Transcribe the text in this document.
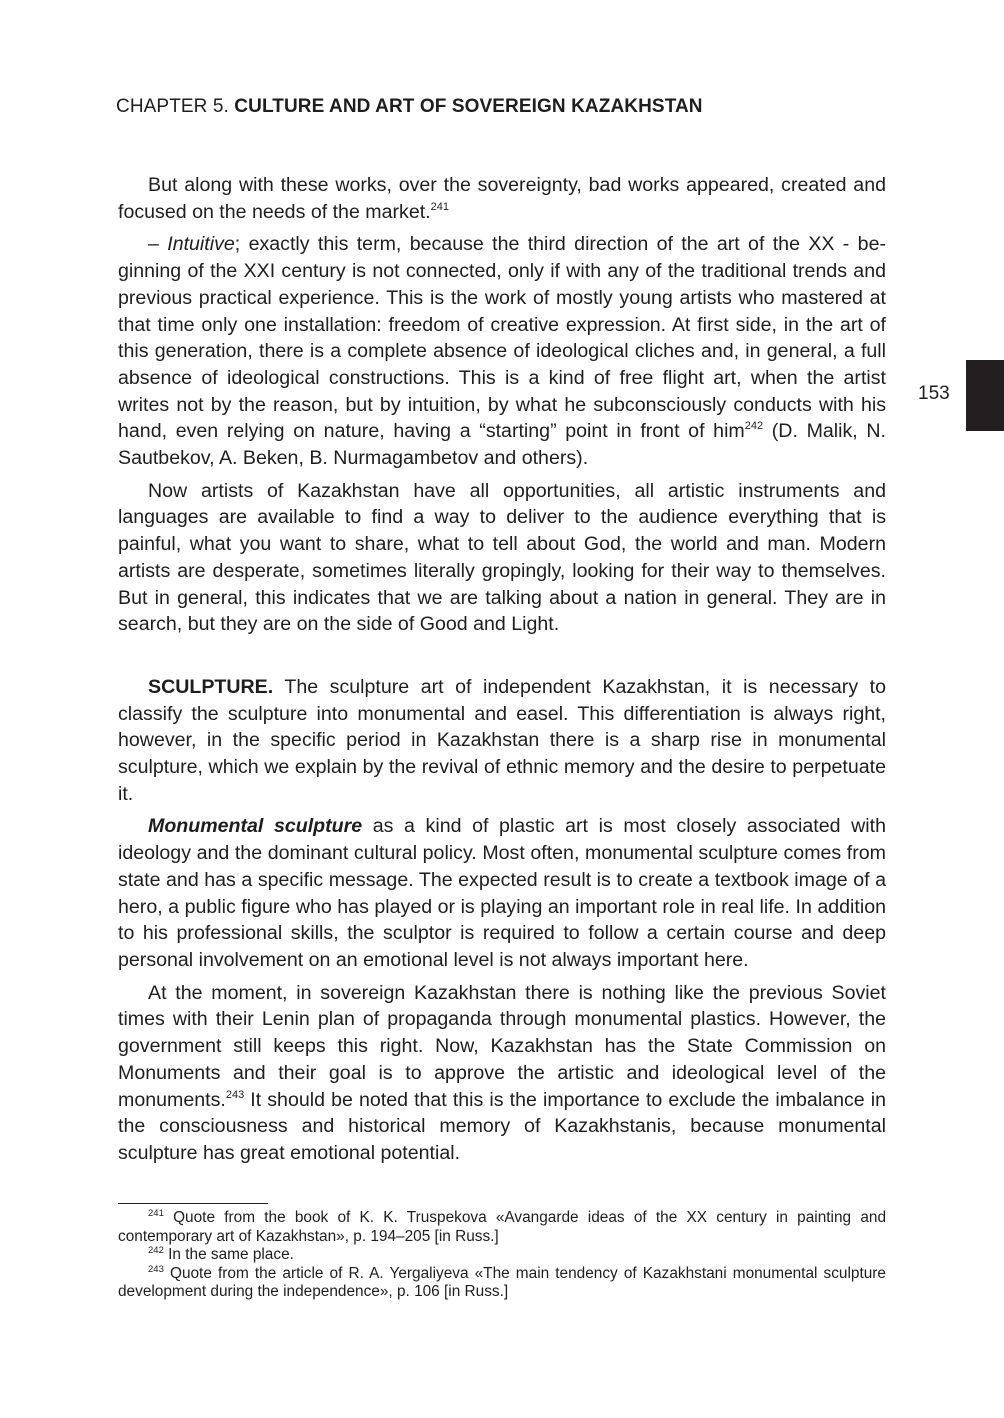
CHAPTER 5. CULTURE AND ART OF SOVEREIGN KAZAKHSTAN
153

But along with these works, over the sovereignty, bad works appeared, created and focused on the needs of the market.$^{241}$

– Intuitive; exactly this term, because the third direction of the art of the XX - beginning of the XXI century is not connected, only if with any of the traditional trends and previous practical experience. This is the work of mostly young artists who mastered at that time only one installation: freedom of creative expression. At first side, in the art of this generation, there is a complete absence of ideological cliches and, in general, a full absence of ideological constructions. This is a kind of free flight art, when the artist writes not by the reason, but by intuition, by what he subconsciously conducts with his hand, even relying on nature, having a “starting” point in front of him$^{242}$ (D. Malik, N. Sautbekov, A. Beken, B. Nurmagambetov and others).

Now artists of Kazakhstan have all opportunities, all artistic instruments and languages are available to find a way to deliver to the audience everything that is painful, what you want to share, what to tell about God, the world and man. Modern artists are desperate, sometimes literally gropingly, looking for their way to themselves. But in general, this indicates that we are talking about a nation in general. They are in search, but they are on the side of Good and Light.

SCULPTURE. The sculpture art of independent Kazakhstan, it is necessary to classify the sculpture into monumental and easel. This differentiation is always right, however, in the specific period in Kazakhstan there is a sharp rise in monumental sculpture, which we explain by the revival of ethnic memory and the desire to perpetuate it.

Monumental sculpture as a kind of plastic art is most closely associated with ideology and the dominant cultural policy. Most often, monumental sculpture comes from state and has a specific message. The expected result is to create a textbook image of a hero, a public figure who has played or is playing an important role in real life. In addition to his professional skills, the sculptor is required to follow a certain course and deep personal involvement on an emotional level is not always important here.

At the moment, in sovereign Kazakhstan there is nothing like the previous Soviet times with their Lenin plan of propaganda through monumental plastics. However, the government still keeps this right. Now, Kazakhstan has the State Commission on Monuments and their goal is to approve the artistic and ideological level of the monuments.$^{243}$ It should be noted that this is the importance to exclude the imbalance in the consciousness and historical memory of Kazakhstanis, because monumental sculpture has great emotional potential.

$^{241}$ Quote from the book of K. K. Truspekova «Avangarde ideas of the XX century in painting and contemporary art of Kazakhstan», p. 194–205 [in Russ.]

$^{242}$ In the same place.

$^{243}$ Quote from the article of R. A. Yergaliyeva «The main tendency of Kazakhstani monumental sculpture development during the independence», p. 106 [in Russ.]
